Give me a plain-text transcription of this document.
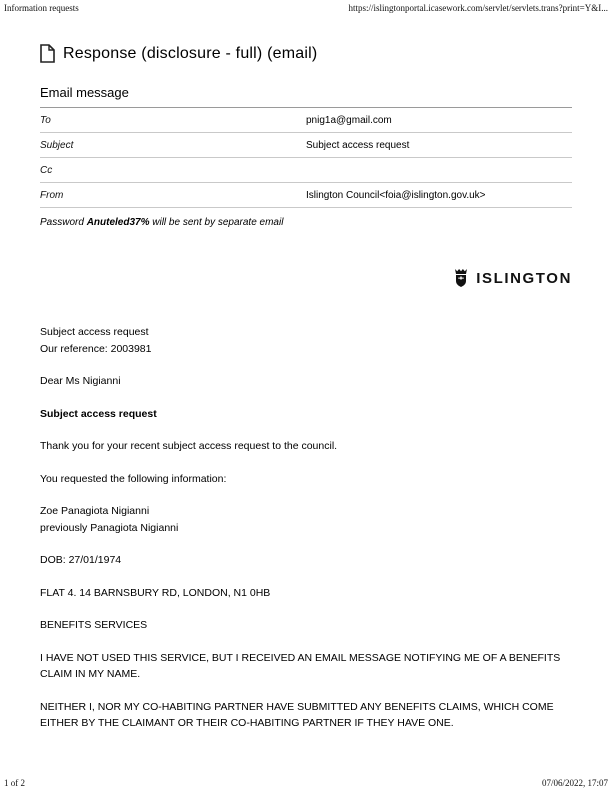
Information requests	https://islingtonportal.icasework.com/servlet/servlets.trans?print=Y&I...
Response (disclosure - full) (email)
Email message
To	pnig1a@gmail.com
Subject	Subject access request
Cc
From	Islington Council<foia@islington.gov.uk>

Password Anuteled37% will be sent by separate email

ISLINGTON

Subject access request
Our reference: 2003981

Dear Ms Nigianni

Subject access request

Thank you for your recent subject access request to the council.

You requested the following information:

Zoe Panagiota Nigianni
previously Panagiota Nigianni

DOB: 27/01/1974

FLAT 4. 14 BARNSBURY RD, LONDON, N1 0HB

BENEFITS SERVICES

I HAVE NOT USED THIS SERVICE, BUT I RECEIVED AN EMAIL MESSAGE NOTIFYING ME OF A BENEFITS CLAIM IN MY NAME.

NEITHER I, NOR MY CO-HABITING PARTNER HAVE SUBMITTED ANY BENEFITS CLAIMS, WHICH COME EITHER BY THE CLAIMANT OR THEIR CO-HABITING PARTNER IF THEY HAVE ONE.

1 of 2	07/06/2022, 17:07
